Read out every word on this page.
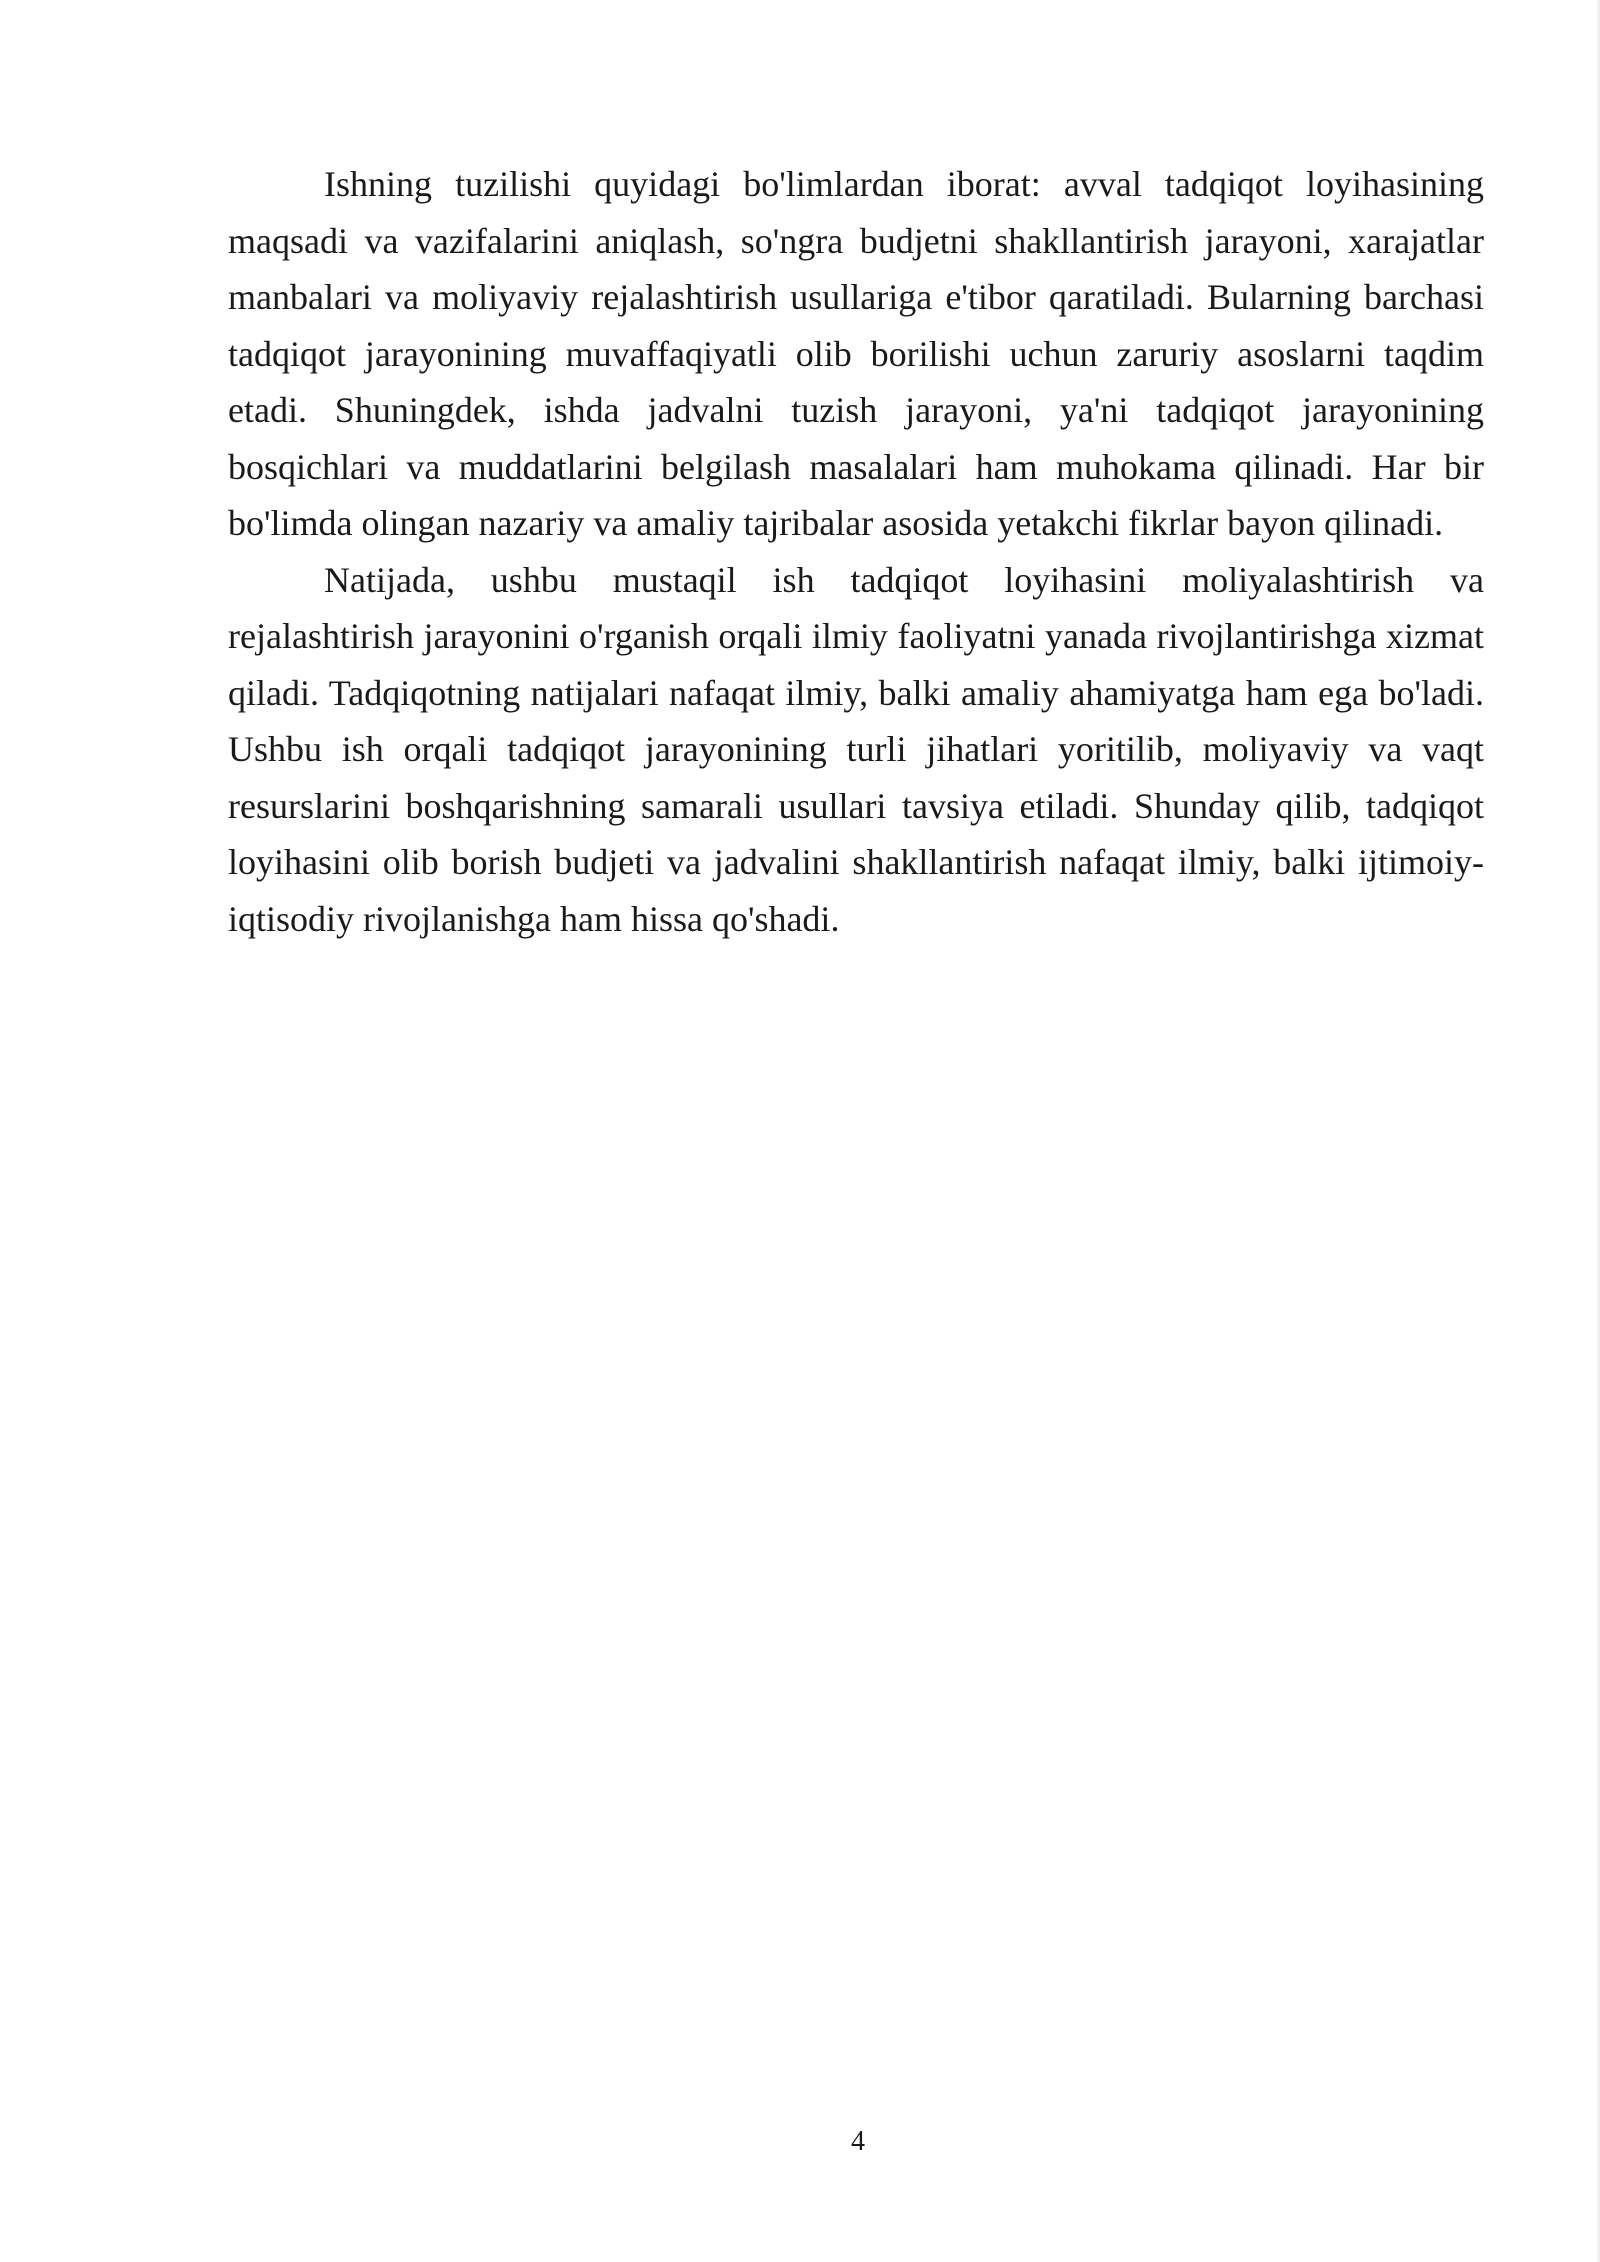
Ishning tuzilishi quyidagi bo'limlardan iborat: avval tadqiqot loyihasining maqsadi va vazifalarini aniqlash, so'ngra budjetni shakllantirish jarayoni, xarajatlar manbalari va moliyaviy rejalashtirish usullariga e'tibor qaratiladi. Bularning barchasi tadqiqot jarayonining muvaffaqiyatli olib borilishi uchun zaruriy asoslarni taqdim etadi. Shuningdek, ishda jadvalni tuzish jarayoni, ya'ni tadqiqot jarayonining bosqichlari va muddatlarini belgilash masalalari ham muhokama qilinadi. Har bir bo'limda olingan nazariy va amaliy tajribalar asosida yetakchi fikrlar bayon qilinadi.

Natijada, ushbu mustaqil ish tadqiqot loyihasini moliyalashtirish va rejalashtirish jarayonini o'rganish orqali ilmiy faoliyatni yanada rivojlantirishga xizmat qiladi. Tadqiqotning natijalari nafaqat ilmiy, balki amaliy ahamiyatga ham ega bo'ladi. Ushbu ish orqali tadqiqot jarayonining turli jihatlari yoritilib, moliyaviy va vaqt resurslarini boshqarishning samarali usullari tavsiya etiladi. Shunday qilib, tadqiqot loyihasini olib borish budjeti va jadvalini shakllantirish nafaqat ilmiy, balki ijtimoiy-iqtisodiy rivojlanishga ham hissa qo'shadi.

4
